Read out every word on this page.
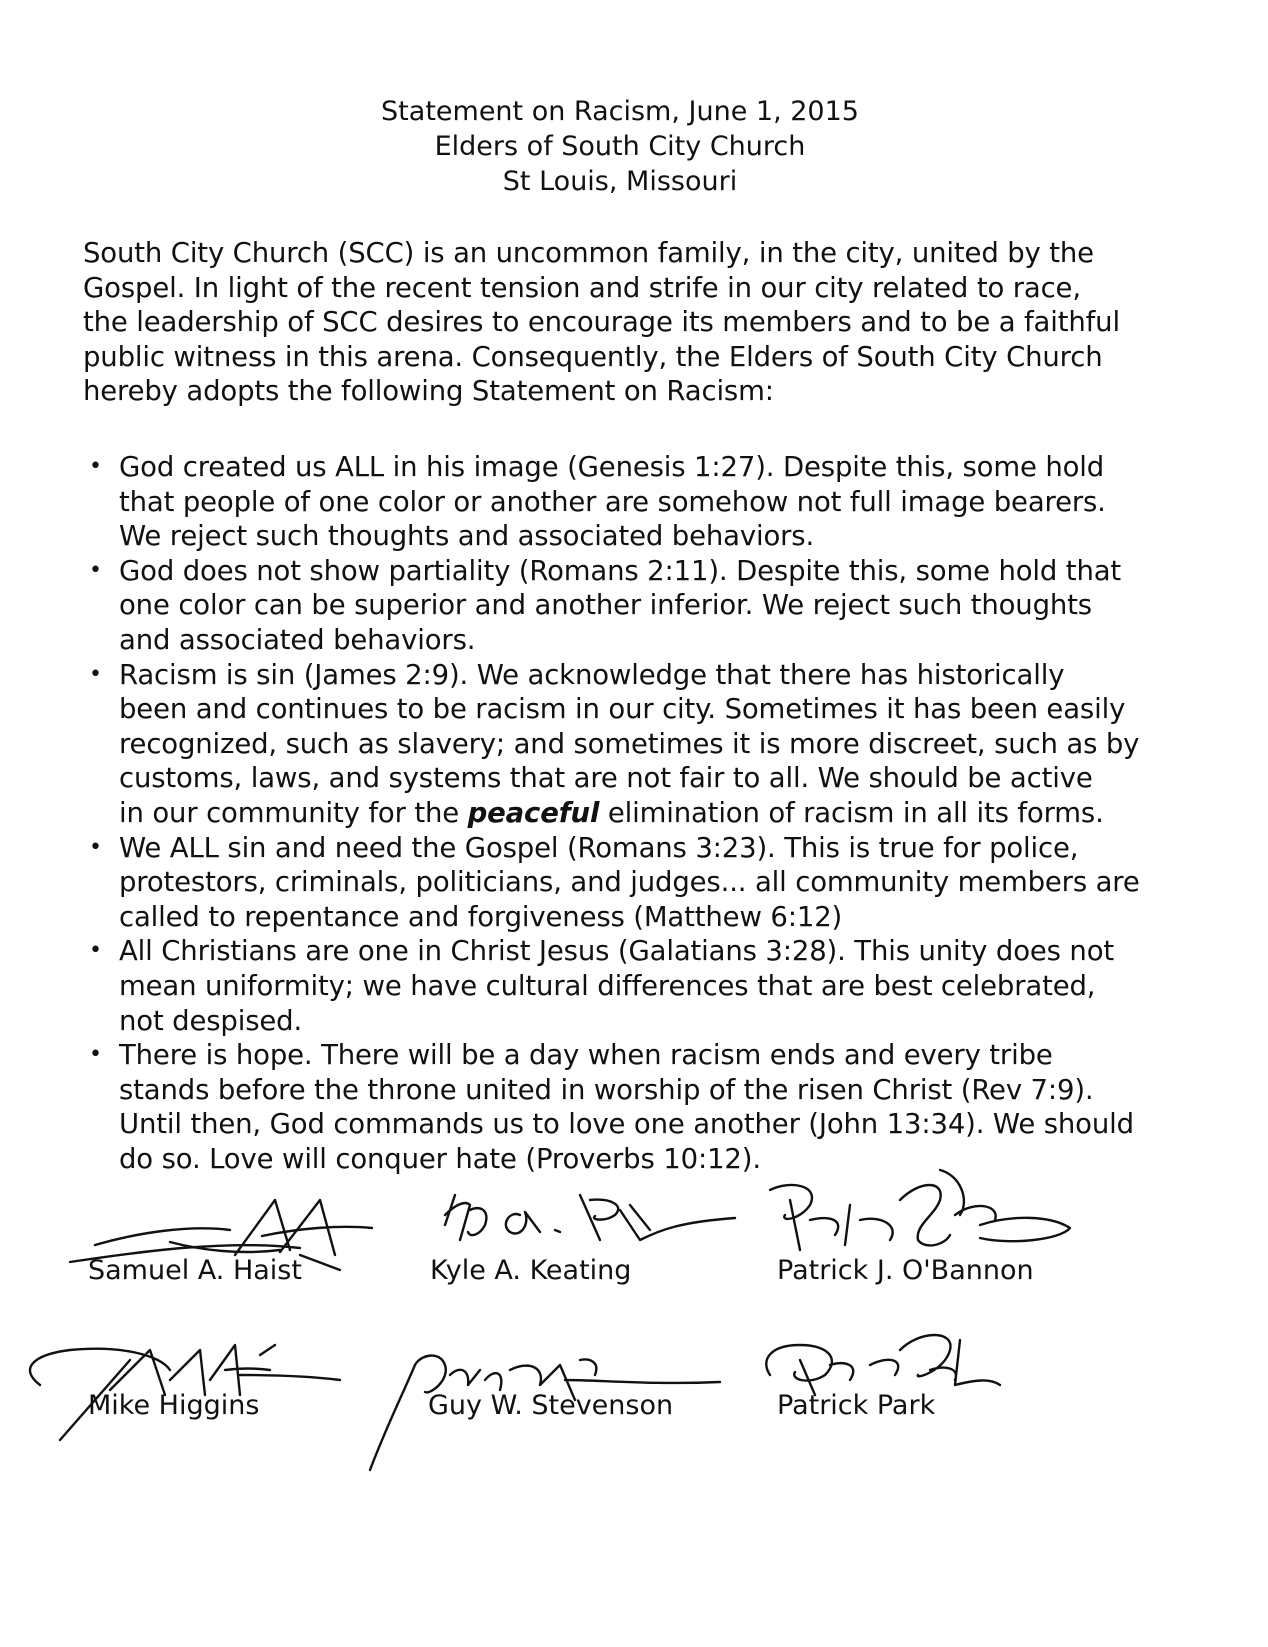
Statement on Racism, June 1, 2015
Elders of South City Church
St Louis, Missouri
South City Church (SCC) is an uncommon family, in the city, united by the
Gospel. In light of the recent tension and strife in our city related to race,
the leadership of SCC desires to encourage its members and to be a faithful
public witness in this arena. Consequently, the Elders of South City Church
hereby adopts the following Statement on Racism:
• God created us ALL in his image (Genesis 1:27). Despite this, some hold
that people of one color or another are somehow not full image bearers.
We reject such thoughts and associated behaviors.
• God does not show partiality (Romans 2:11). Despite this, some hold that
one color can be superior and another inferior. We reject such thoughts
and associated behaviors.
• Racism is sin (James 2:9). We acknowledge that there has historically
been and continues to be racism in our city. Sometimes it has been easily
recognized, such as slavery; and sometimes it is more discreet, such as by
customs, laws, and systems that are not fair to all. We should be active
in our community for the peaceful elimination of racism in all its forms.
• We ALL sin and need the Gospel (Romans 3:23). This is true for police,
protestors, criminals, politicians, and judges... all community members are
called to repentance and forgiveness (Matthew 6:12)
• All Christians are one in Christ Jesus (Galatians 3:28). This unity does not
mean uniformity; we have cultural differences that are best celebrated,
not despised.
• There is hope. There will be a day when racism ends and every tribe
stands before the throne united in worship of the risen Christ (Rev 7:9).
Until then, God commands us to love one another (John 13:34). We should
do so. Love will conquer hate (Proverbs 10:12).
Samuel A. Haist	Kyle A. Keating	Patrick J. O'Bannon
Mike Higgins	Guy W. Stevenson	Patrick Park
